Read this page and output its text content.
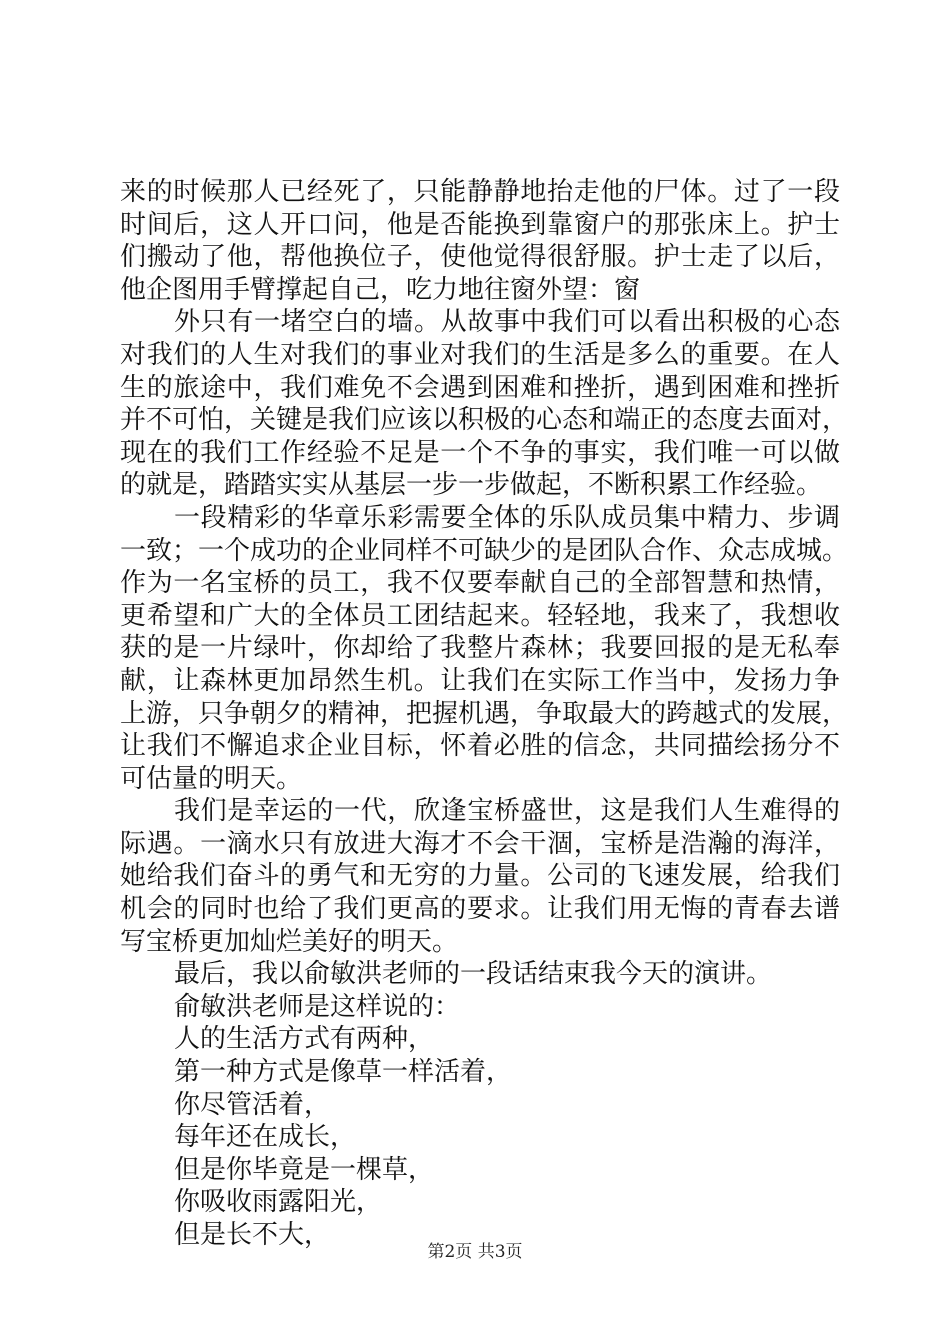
来的时候那人已经死了，只能静静地抬走他的尸体。过了一段
时间后，这人开口问，他是否能换到靠窗户的那张床上。护士
们搬动了他，帮他换位子，使他觉得很舒服。护士走了以后，
他企图用手臂撑起自己，吃力地往窗外望：窗
外只有一堵空白的墙。从故事中我们可以看出积极的心态
对我们的人生对我们的事业对我们的生活是多么的重要。在人
生的旅途中，我们难免不会遇到困难和挫折，遇到困难和挫折
并不可怕，关键是我们应该以积极的心态和端正的态度去面对，
现在的我们工作经验不足是一个不争的事实，我们唯一可以做
的就是，踏踏实实从基层一步一步做起，不断积累工作经验。
一段精彩的华章乐彩需要全体的乐队成员集中精力、步调
一致；一个成功的企业同样不可缺少的是团队合作、众志成城。
作为一名宝桥的员工，我不仅要奉献自己的全部智慧和热情，
更希望和广大的全体员工团结起来。轻轻地，我来了，我想收
获的是一片绿叶，你却给了我整片森林；我要回报的是无私奉
献，让森林更加昂然生机。让我们在实际工作当中，发扬力争
上游，只争朝夕的精神，把握机遇，争取最大的跨越式的发展，
让我们不懈追求企业目标，怀着必胜的信念，共同描绘扬分不
可估量的明天。
我们是幸运的一代，欣逢宝桥盛世，这是我们人生难得的
际遇。一滴水只有放进大海才不会干涸，宝桥是浩瀚的海洋，
她给我们奋斗的勇气和无穷的力量。公司的飞速发展，给我们
机会的同时也给了我们更高的要求。让我们用无悔的青春去谱
写宝桥更加灿烂美好的明天。
最后，我以俞敏洪老师的一段话结束我今天的演讲。
俞敏洪老师是这样说的：
人的生活方式有两种，
第一种方式是像草一样活着，
你尽管活着，
每年还在成长，
但是你毕竟是一棵草，
你吸收雨露阳光，
但是长不大，
第2页 共3页
